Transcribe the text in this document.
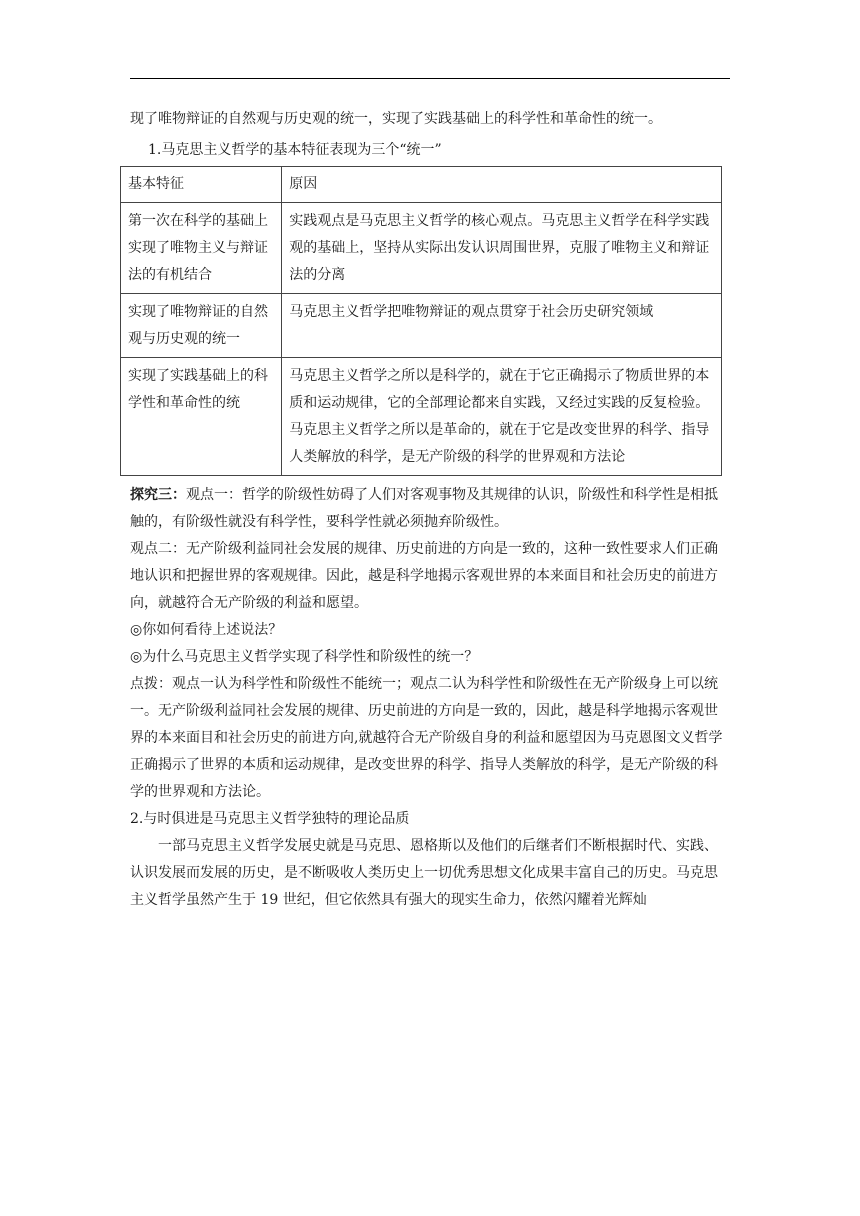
现了唯物辩证的自然观与历史观的统一，实现了实践基础上的科学性和革命性的统一。

1.马克思主义哲学的基本特征表现为三个“统一”

基本特征	原因
第一次在科学的基础上实现了唯物主义与辩证法的有机结合	实践观点是马克思主义哲学的核心观点。马克思主义哲学在科学实践观的基础上，坚持从实际出发认识周围世界，克服了唯物主义和辩证法的分离
实现了唯物辩证的自然观与历史观的统一	马克思主义哲学把唯物辩证的观点贯穿于社会历史研究领域
实现了实践基础上的科学性和革命性的统	马克思主义哲学之所以是科学的，就在于它正确揭示了物质世界的本质和运动规律，它的全部理论都来自实践，又经过实践的反复检验。马克思主义哲学之所以是革命的，就在于它是改变世界的科学、指导人类解放的科学，是无产阶级的科学的世界观和方法论

探究三：观点一：哲学的阶级性妨碍了人们对客观事物及其规律的认识，阶级性和科学性是相抵触的，有阶级性就没有科学性，要科学性就必须抛弃阶级性。

观点二：无产阶级利益同社会发展的规律、历史前进的方向是一致的，这种一致性要求人们正确地认识和把握世界的客观规律。因此，越是科学地揭示客观世界的本来面目和社会历史的前进方向，就越符合无产阶级的利益和愿望。

◎你如何看待上述说法？

◎为什么马克思主义哲学实现了科学性和阶级性的统一？

点拨：观点一认为科学性和阶级性不能统一；观点二认为科学性和阶级性在无产阶级身上可以统一。无产阶级利益同社会发展的规律、历史前进的方向是一致的，因此，越是科学地揭示客观世界的本来面目和社会历史的前进方向,就越符合无产阶级自身的利益和愿望因为马克恩图文义哲学正确揭示了世界的本质和运动规律，是改变世界的科学、指导人类解放的科学，是无产阶级的科学的世界观和方法论。

2.与时俱进是马克思主义哲学独特的理论品质

一部马克思主义哲学发展史就是马克思、恩格斯以及他们的后继者们不断根据时代、实践、认识发展而发展的历史，是不断吸收人类历史上一切优秀思想文化成果丰富自己的历史。马克思主义哲学虽然产生于 19 世纪，但它依然具有强大的现实生命力，依然闪耀着光辉灿
